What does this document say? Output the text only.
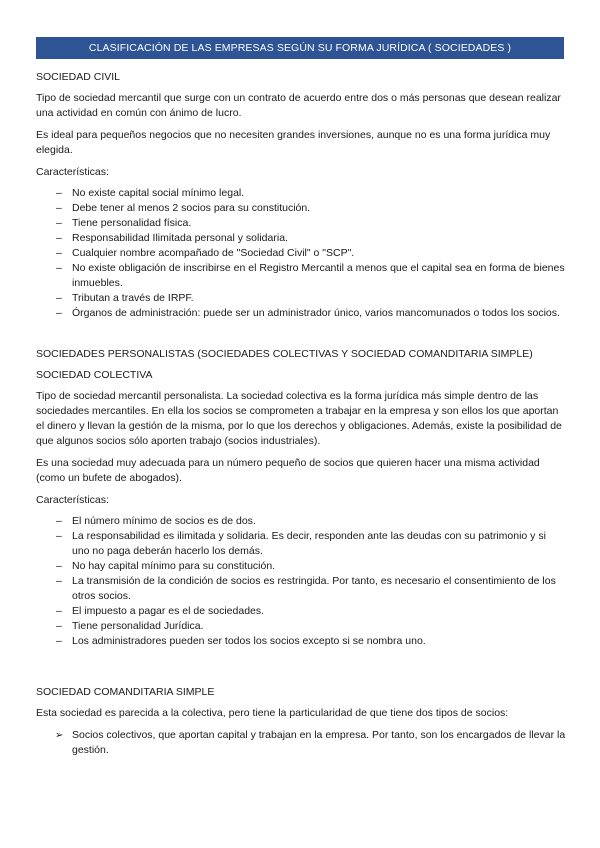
CLASIFICACIÓN DE LAS EMPRESAS SEGÚN SU FORMA JURÍDICA ( SOCIEDADES )
SOCIEDAD CIVIL

Tipo de sociedad mercantil que surge con un contrato de acuerdo entre dos o más personas que desean realizar una actividad en común con ánimo de lucro.

Es ideal para pequeños negocios que no necesiten grandes inversiones, aunque no es una forma jurídica muy elegida.

Características:
– No existe capital social mínimo legal.
– Debe tener al menos 2 socios para su constitución.
– Tiene personalidad física.
– Responsabilidad Ilimitada personal y solidaria.
– Cualquier nombre acompañado de "Sociedad Civil" o "SCP".
– No existe obligación de inscribirse en el Registro Mercantil a menos que el capital sea en forma de bienes inmuebles.
– Tributan a través de IRPF.
– Órganos de administración: puede ser un administrador único, varios mancomunados o todos los socios.
SOCIEDADES PERSONALISTAS (SOCIEDADES COLECTIVAS Y SOCIEDAD COMANDITARIA SIMPLE)
SOCIEDAD COLECTIVA

Tipo de sociedad mercantil personalista. La sociedad colectiva es la forma jurídica más simple dentro de las sociedades mercantiles. En ella los socios se comprometen a trabajar en la empresa y son ellos los que aportan el dinero y llevan la gestión de la misma, por lo que los derechos y obligaciones. Además, existe la posibilidad de que algunos socios sólo aporten trabajo (socios industriales).

Es una sociedad muy adecuada para un número pequeño de socios que quieren hacer una misma actividad (como un bufete de abogados).

Características:
– El número mínimo de socios es de dos.
– La responsabilidad es ilimitada y solidaria. Es decir, responden ante las deudas con su patrimonio y si uno no paga deberán hacerlo los demás.
– No hay capital mínimo para su constitución.
– La transmisión de la condición de socios es restringida. Por tanto, es necesario el consentimiento de los otros socios.
– El impuesto a pagar es el de sociedades.
– Tiene personalidad Jurídica.
– Los administradores pueden ser todos los socios excepto si se nombra uno.
SOCIEDAD COMANDITARIA SIMPLE

Esta sociedad es parecida a la colectiva, pero tiene la particularidad de que tiene dos tipos de socios:

➢ Socios colectivos, que aportan capital y trabajan en la empresa. Por tanto, son los encargados de llevar la gestión.
